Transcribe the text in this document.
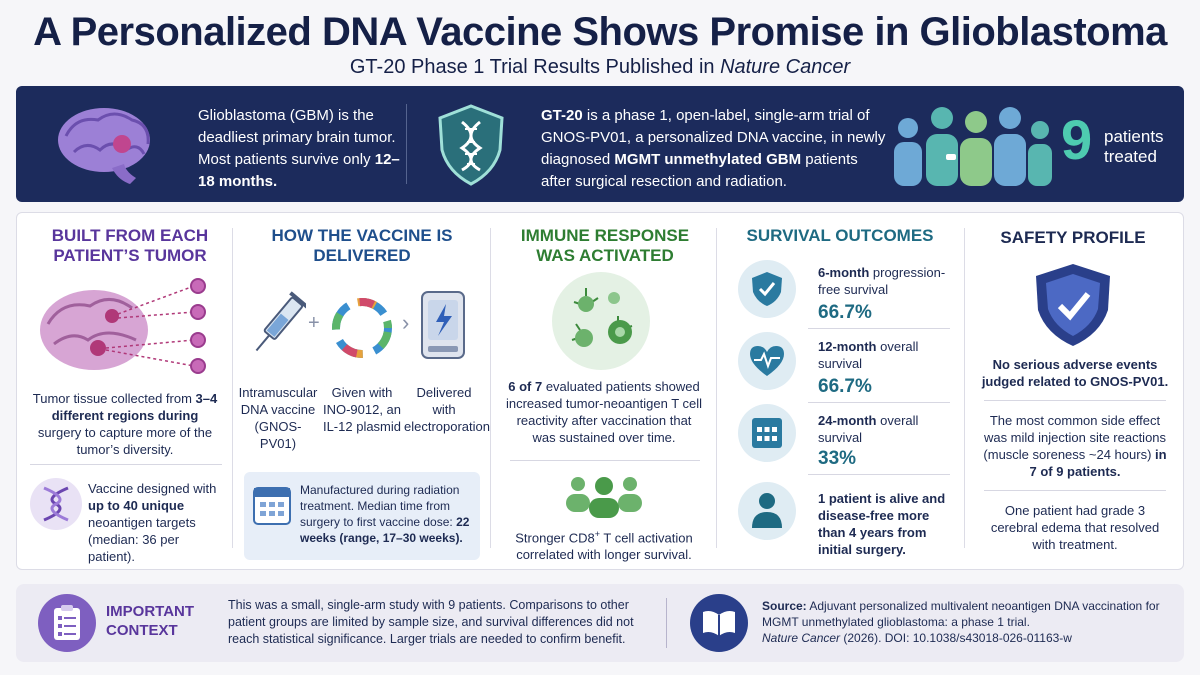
A Personalized DNA Vaccine Shows Promise in Glioblastoma
GT-20 Phase 1 Trial Results Published in Nature Cancer
Glioblastoma (GBM) is the deadliest primary brain tumor. Most patients survive only 12–18 months.
GT-20 is a phase 1, open-label, single-arm trial of GNOS-PV01, a personalized DNA vaccine, in newly diagnosed MGMT unmethylated GBM patients after surgical resection and radiation.
9 patients treated
BUILT FROM EACH PATIENT’S TUMOR
Tumor tissue collected from 3–4 different regions during surgery to capture more of the tumor’s diversity.
Vaccine designed with up to 40 unique neoantigen targets (median: 36 per patient).
HOW THE VACCINE IS DELIVERED
+	›
Intramuscular DNA vaccine (GNOS-PV01)
Given with INO-9012, an IL-12 plasmid
Delivered with electroporation
Manufactured during radiation treatment. Median time from surgery to first vaccine dose: 22 weeks (range, 17–30 weeks).
IMMUNE RESPONSE WAS ACTIVATED
6 of 7 evaluated patients showed increased tumor-neoantigen T cell reactivity after vaccination that was sustained over time.
Stronger CD8+ T cell activation correlated with longer survival.
SURVIVAL OUTCOMES
6-month progression-free survival
66.7%
12-month overall survival
66.7%
24-month overall survival
33%
1 patient is alive and disease-free more than 4 years from initial surgery.
SAFETY PROFILE
No serious adverse events judged related to GNOS-PV01.
The most common side effect was mild injection site reactions (muscle soreness ~24 hours) in 7 of 9 patients.
One patient had grade 3 cerebral edema that resolved with treatment.
IMPORTANT CONTEXT
This was a small, single-arm study with 9 patients. Comparisons to other patient groups are limited by sample size, and survival differences did not reach statistical significance. Larger trials are needed to confirm benefit.
Source: Adjuvant personalized multivalent neoantigen DNA vaccination for MGMT unmethylated glioblastoma: a phase 1 trial.
Nature Cancer (2026). DOI: 10.1038/s43018-026-01163-w
